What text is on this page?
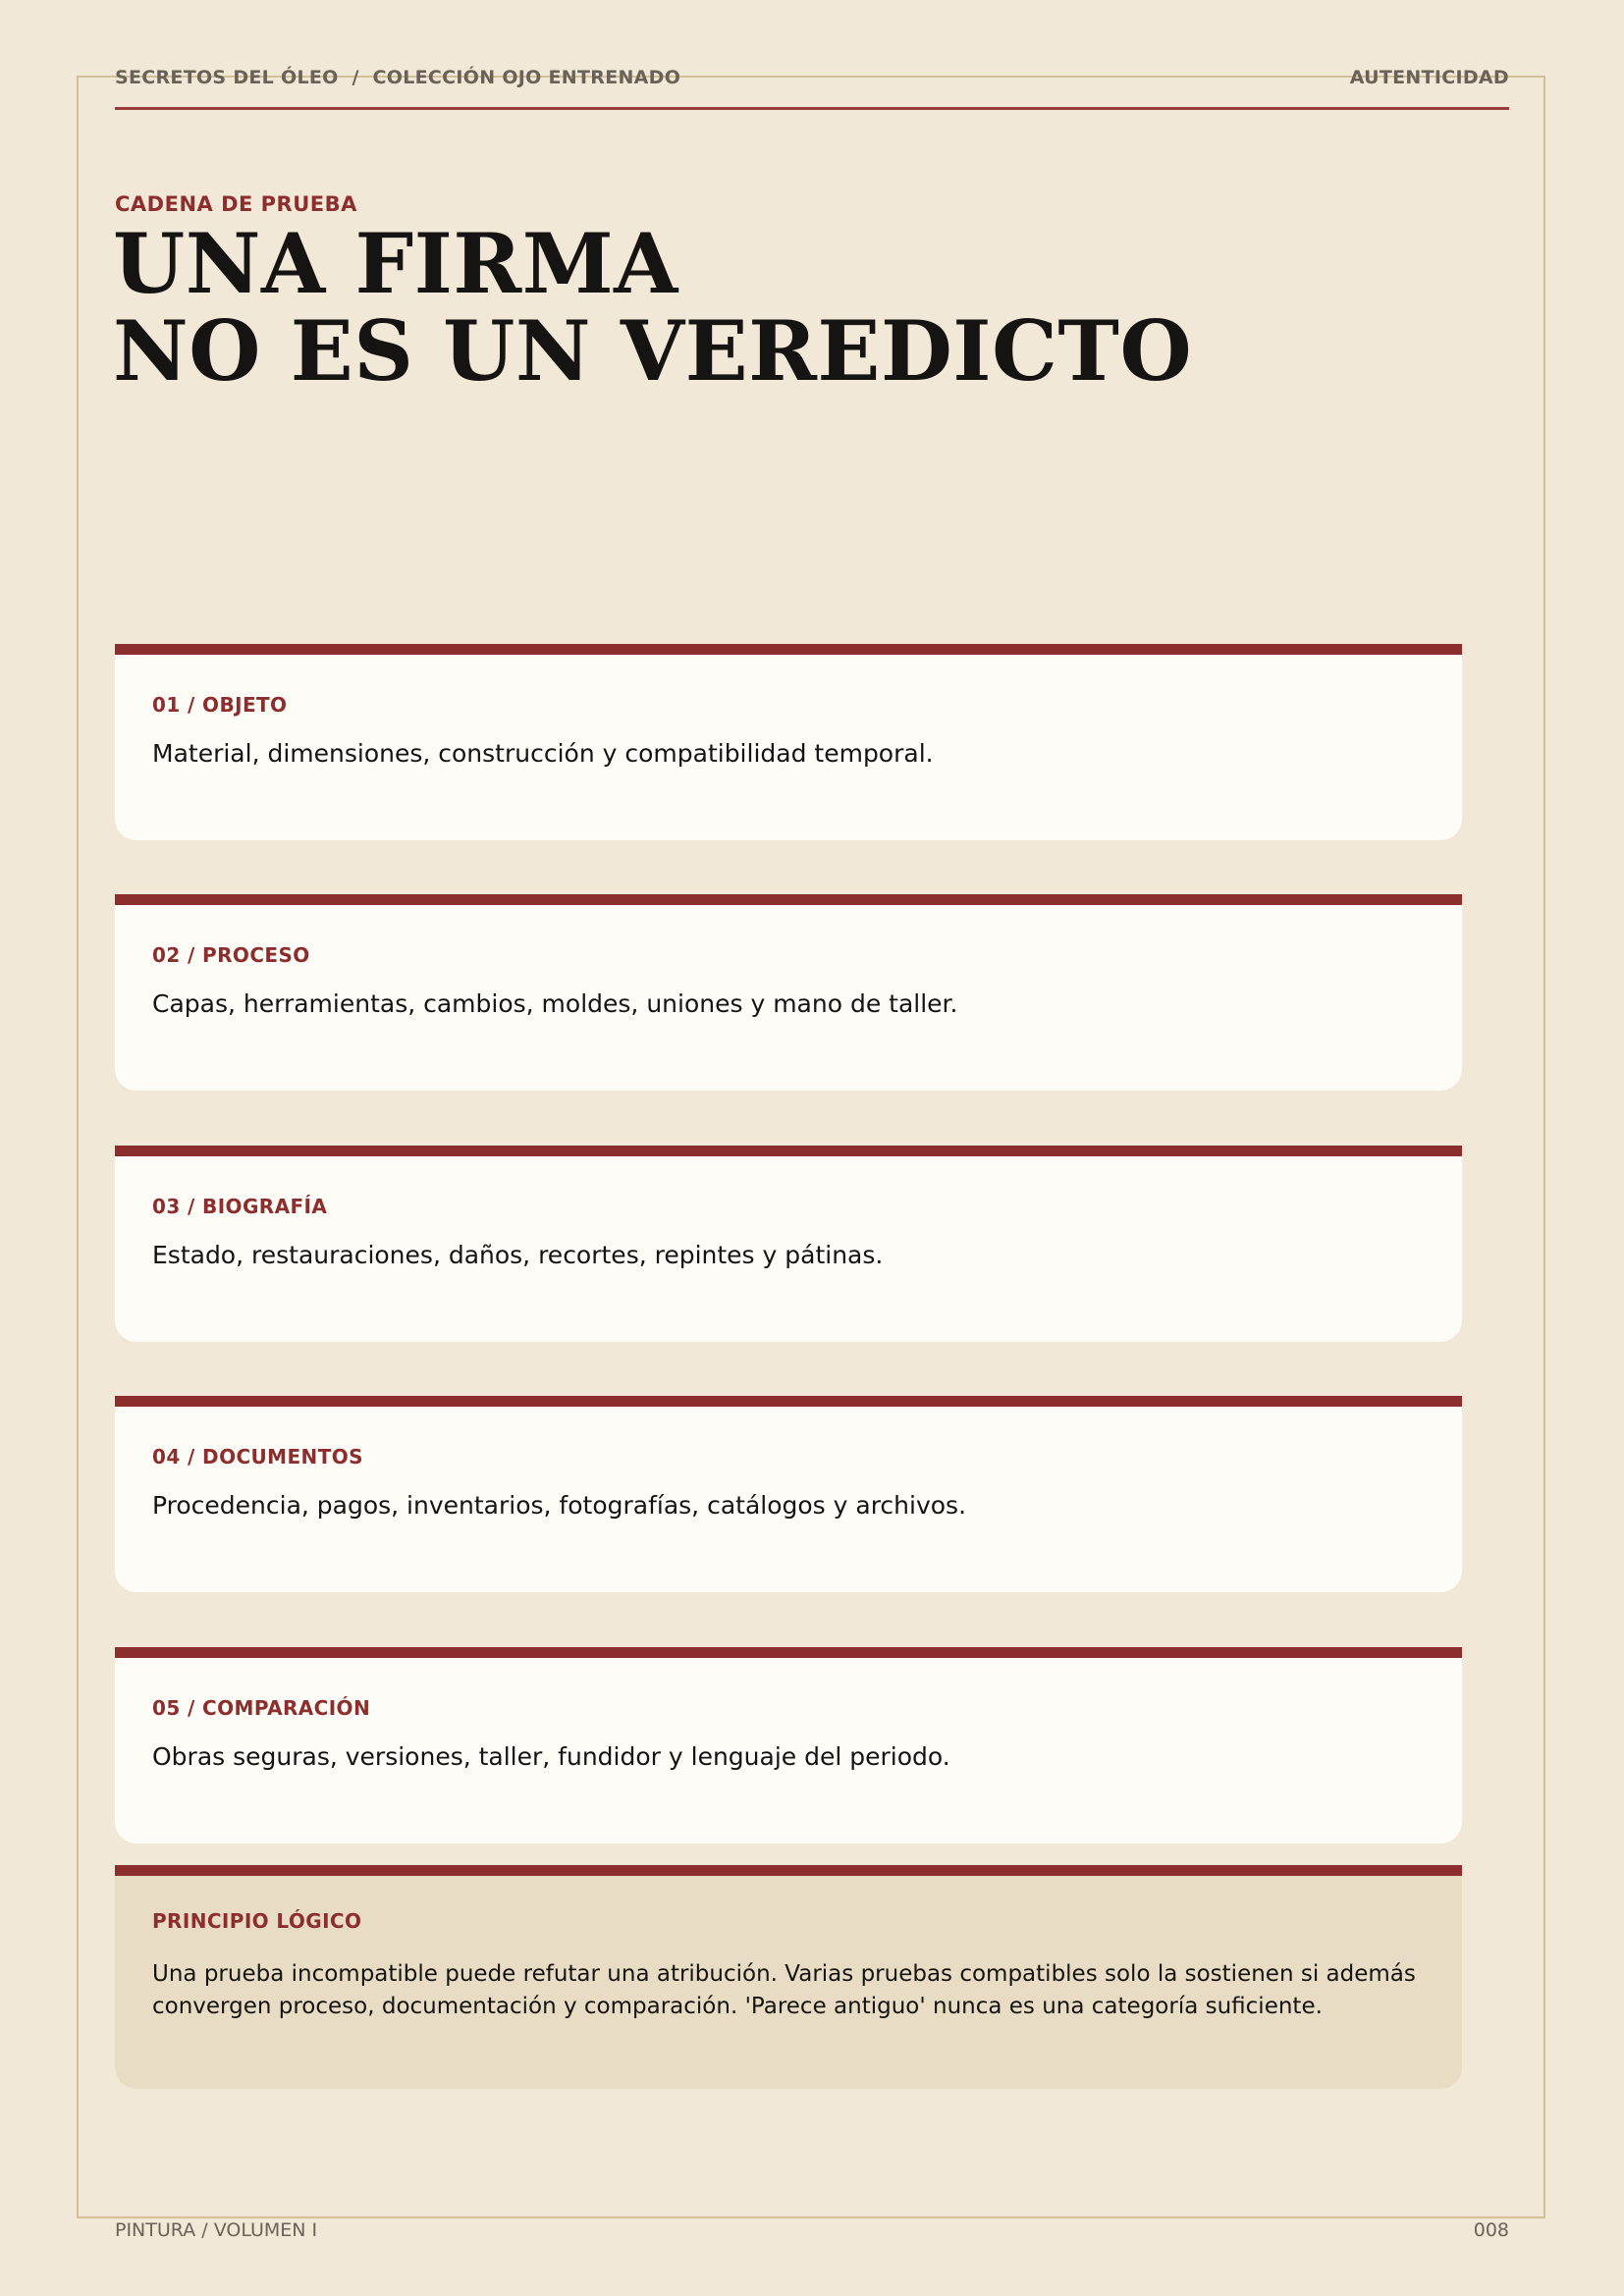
SECRETOS DEL ÓLEO / COLECCIÓN OJO ENTRENADO	AUTENTICIDAD
CADENA DE PRUEBA
UNA FIRMA
NO ES UN VEREDICTO
01 / OBJETO
Material, dimensiones, construcción y compatibilidad temporal.
02 / PROCESO
Capas, herramientas, cambios, moldes, uniones y mano de taller.
03 / BIOGRAFÍA
Estado, restauraciones, daños, recortes, repintes y pátinas.
04 / DOCUMENTOS
Procedencia, pagos, inventarios, fotografías, catálogos y archivos.
05 / COMPARACIÓN
Obras seguras, versiones, taller, fundidor y lenguaje del periodo.
PRINCIPIO LÓGICO
Una prueba incompatible puede refutar una atribución. Varias pruebas compatibles solo la sostienen si además convergen proceso, documentación y comparación. 'Parece antiguo' nunca es una categoría suficiente.
PINTURA / VOLUMEN I	008
